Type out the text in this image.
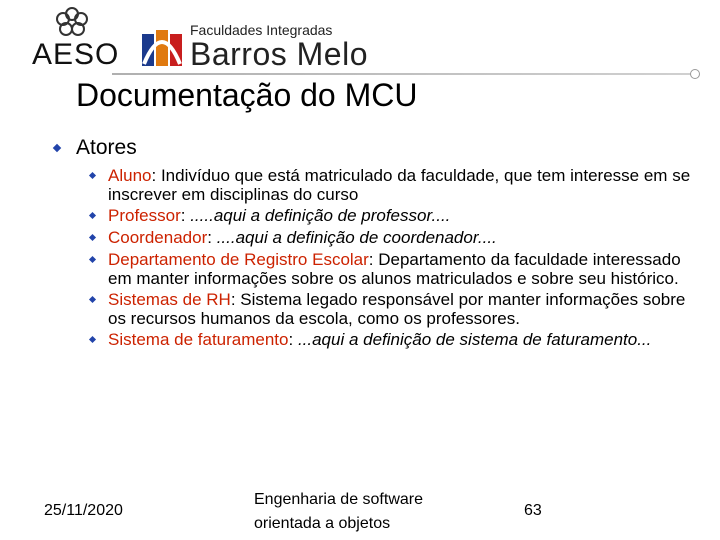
AESO
Faculdades Integradas
Barros Melo
Documentação do MCU
Atores
Aluno: Indivíduo que está matriculado da faculdade, que tem interesse em se inscrever em disciplinas do curso
Professor: .....aqui a definição de professor....
Coordenador: ....aqui a definição de coordenador....
Departamento de Registro Escolar: Departamento da faculdade interessado em manter informações sobre os alunos matriculados e sobre seu histórico.
Sistemas de RH: Sistema legado responsável por manter informações sobre os recursos humanos da escola, como os professores.
Sistema de faturamento: ...aqui a definição de sistema de faturamento...
25/11/2020
Engenharia de software
orientada a objetos
63
